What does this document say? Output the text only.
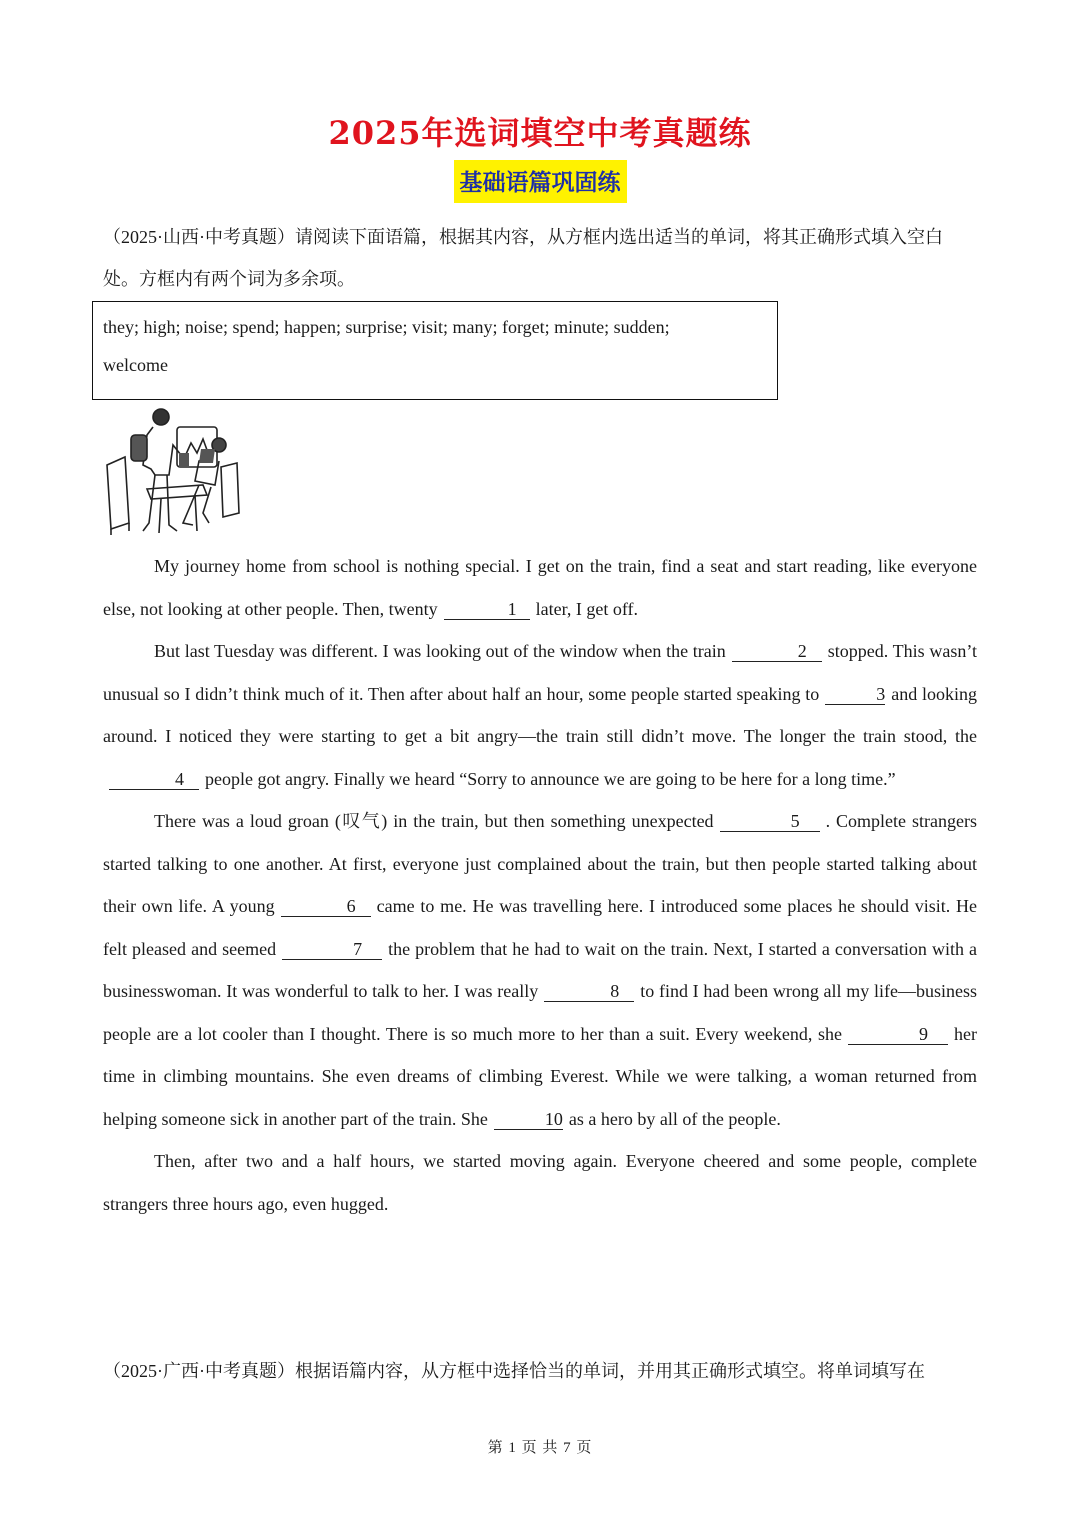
2025年选词填空中考真题练
基础语篇巩固练
（2025·山西·中考真题）请阅读下面语篇，根据其内容，从方框内选出适当的单词，将其正确形式填入空白处。方框内有两个词为多余项。
they; high; noise; spend; happen; surprise; visit; many; forget; minute; sudden;
welcome

My journey home from school is nothing special. I get on the train, find a seat and start reading, like everyone else, not looking at other people. Then, twenty	1 later, I get off.

But last Tuesday was different. I was looking out of the window when the train	2 stopped. This wasn’t unusual so I didn’t think much of it. Then after about half an hour, some people started speaking to	3 and looking around. I noticed they were starting to get a bit angry—the train still didn’t move. The longer the train stood, the4 people got angry. Finally we heard “Sorry to announce we are going to be here for a long time.”

There was a loud groan (叹气) in the train, but then something unexpected	5 . Complete strangers started talking to one another. At first, everyone just complained about the train, but then people started talking about their own life. A young	6 came to me. He was travelling here. I introduced some places he should visit. He felt pleased and seemed	7 the problem that he had to wait on the train. Next, I started a conversation with a businesswoman. It was wonderful to talk to her. I was really	8 to find I had been wrong all my life—business people are a lot cooler than I thought. There is so much more to her than a suit. Every weekend, she	9 her time in climbing mountains. She even dreams of climbing Everest. While we were talking, a woman returned from helping someone sick in another part of the train. She	10 as a hero by all of the people.

Then, after two and a half hours, we started moving again. Everyone cheered and some people, complete strangers three hours ago, even hugged.

（2025·广西·中考真题）根据语篇内容，从方框中选择恰当的单词，并用其正确形式填空。将单词填写在
第 1 页 共 7 页
